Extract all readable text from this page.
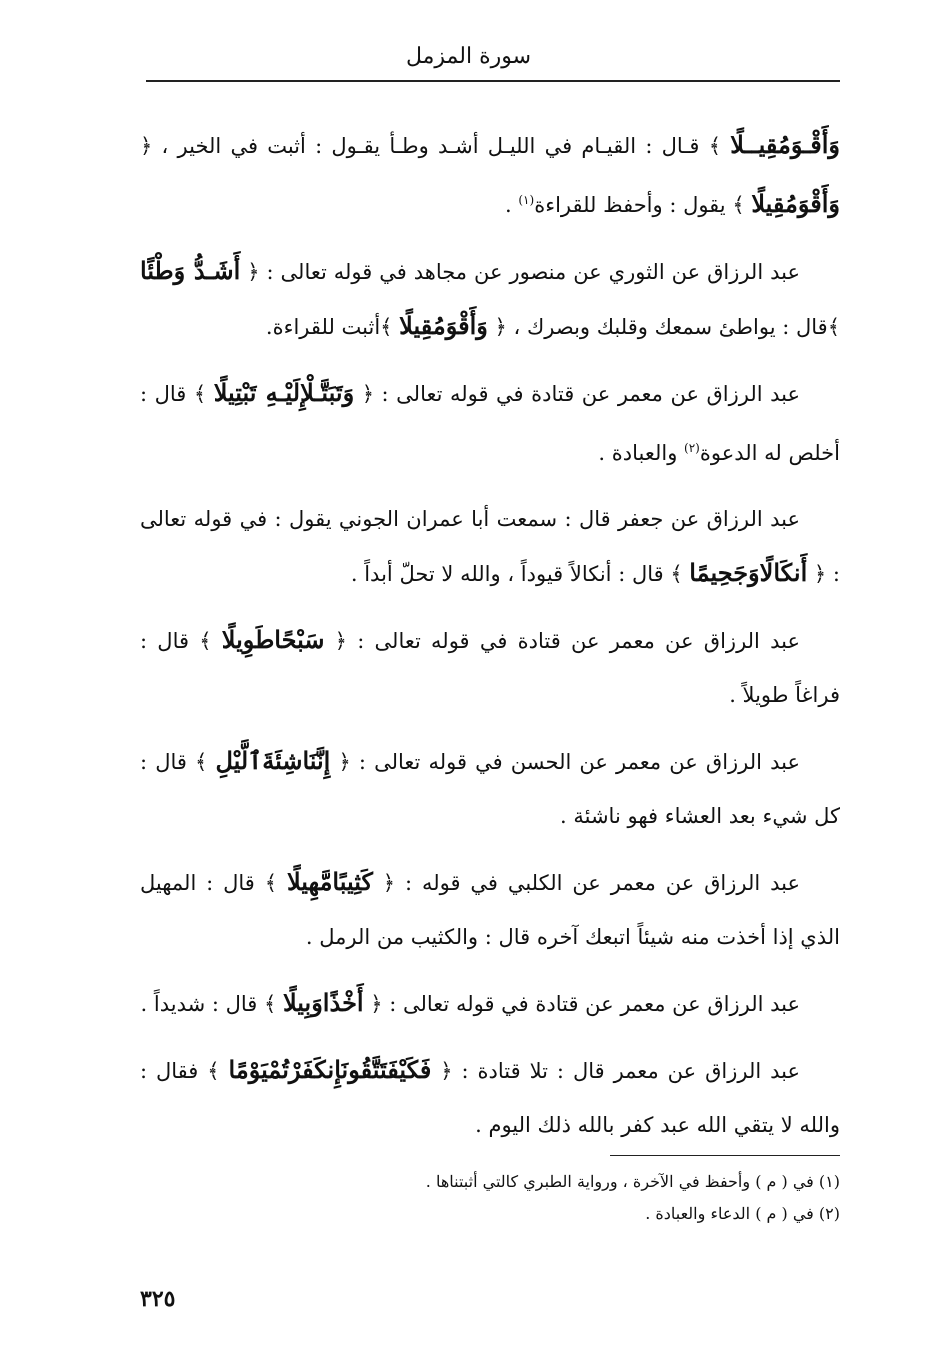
سورة المزمل

وَأَقْـوَمُقِيــلًا ﴾ قـال : القيـام في الليـل أشـد وطـأ يقـول : أثبت في الخير ، ﴿ وَأَقْوَمُقِيلًا ﴾ يقول : وأحفظ للقراءة$^{(١)}$ .

عبد الرزاق عن الثوري عن منصور عن مجاهد في قوله تعالى : ﴿ أَشَـدُّ وَطْئًا ﴾قال : يواطئ سمعك وقلبك وبصرك ، ﴿ وَأَقْوَمُقِيلًا ﴾أثبت للقراءة.

عبد الرزاق عن معمر عن قتادة في قوله تعالى : ﴿ وَتَبَتَّـلْإِلَيْـهِ تَبْتِيلًا ﴾ قال : أخلص له الدعوة$^{(٢)}$ والعبادة .

عبد الرزاق عن جعفر قال : سمعت أبا عمران الجوني يقول : في قوله تعالى : ﴿ أَنكَالًاوَجَحِيمًا ﴾ قال : أنكالاً قيوداً ، والله لا تحلّ أبداً .

عبد الرزاق عن معمر عن قتادة في قوله تعالى : ﴿ سَبْحًاطَوِيلًا ﴾ قال : فراغاً طويلاً .

عبد الرزاق عن معمر عن الحسن في قوله تعالى : ﴿ إِنَّنَاشِئَةَٱلَّيْلِ ﴾ قال : كل شيء بعد العشاء فهو ناشئة .

عبد الرزاق عن معمر عن الكلبي في قوله : ﴿ كَثِيبًامَّهِيلًا ﴾ قال : المهيل الذي إذا أخذت منه شيئاً اتبعك آخره قال : والكثيب من الرمل .

عبد الرزاق عن معمر عن قتادة في قوله تعالى : ﴿ أَخْذًاوَبِيلًا ﴾ قال : شديداً .

عبد الرزاق عن معمر قال : تلا قتادة : ﴿ فَكَيْفَتَتَّقُونَإِنكَفَرْتُمْيَوْمًا ﴾ فقال : والله لا يتقي الله عبد كفر بالله ذلك اليوم .

(١) في ( م ) وأحفظ في الآخرة ، ورواية الطبري كالتي أثبتناها .

(٢) في ( م ) الدعاء والعبادة .

٣٢٥
